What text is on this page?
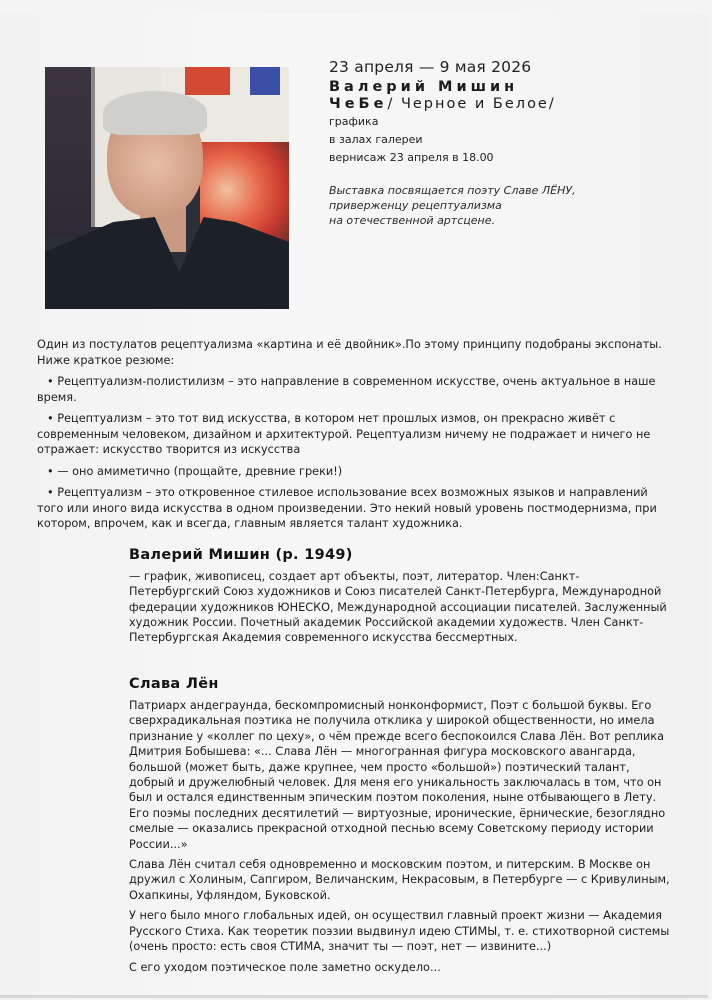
23 апреля — 9 мая 2026
Валерий Мишин
ЧеБе/ Черное и Белое/
графика
в залах галереи
вернисаж 23 апреля в 18.00
Выставка посвящается поэту Славе ЛЁНУ,
приверженцу рецептуализма
на отечественной артсцене.

Один из постулатов рецептуализма «картина и её двойник».По этому принципу подобраны экспонаты. Ниже краткое резюме:

• Рецептуализм-полистилизм – это направление в современном искусстве, очень актуальное в наше время.

• Рецептуализм – это тот вид искусства, в котором нет прошлых измов, он прекрасно живёт с современным человеком, дизайном и архитектурой. Рецептуализм ничему не подражает и ничего не отражает: искусство творится из искусства

• — оно амиметично (прощайте, древние греки!)

• Рецептуализм – это откровенное стилевое использование всех возможных языков и направлений того или иного вида искусства в одном произведении. Это некий новый уровень постмодернизма, при котором, впрочем, как и всегда, главным является талант художника.

Валерий Мишин (р. 1949)

— график, живописец, создает арт объекты, поэт, литератор. Член:Санкт-Петербургский Союз художников и Союз писателей Санкт-Петербурга, Международной федерации художников ЮНЕСКО, Международной ассоциации писателей. Заслуженный художник России. Почетный академик Российской академии художеств. Член Санкт-Петербургская Академия современного искусства бессмертных.

Слава Лён

Патриарх андеграунда, бескомпромисный нонконформист, Поэт с большой буквы. Его сверхрадикальная поэтика не получила отклика у широкой общественности, но имела признание у «коллег по цеху», о чём прежде всего беспокоился Слава Лён. Вот реплика Дмитрия Бобышева: «... Слава Лён — многогранная фигура московского авангарда, большой (может быть, даже крупнее, чем просто «большой») поэтический талант, добрый и дружелюбный человек. Для меня его уникальность заключалась в том, что он был и остался единственным эпическим поэтом поколения, ныне отбывающего в Лету. Его поэмы последних десятилетий — виртуозные, иронические, ёрнические, безоглядно смелые — оказались прекрасной отходной песнью всему Советскому периоду истории России...»

Слава Лён считал себя одновременно и московским поэтом, и питерским. В Москве он дружил с Холиным, Сапгиром, Величанским, Некрасовым, в Петербурге — с Кривулиным, Охапкины, Уфляндом, Буковской.

У него было много глобальных идей, он осуществил главный проект жизни — Академия Русского Стиха. Как теоретик поэзии выдвинул идею СТИМЫ, т. е. стихотворной системы (очень просто: есть своя СТИМА, значит ты — поэт, нет — извините...)

С его уходом поэтическое поле заметно оскудело...
